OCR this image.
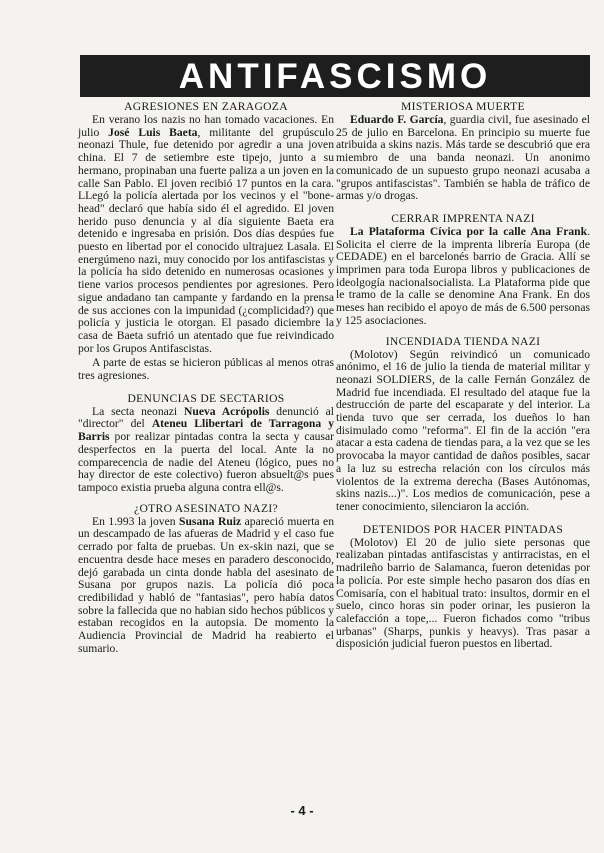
ANTIFASCISMO
AGRESIONES EN ZARAGOZA

En verano los nazis no han tomado vacaciones. En julio José Luis Baeta, militante del grupúsculo neonazi Thule, fue detenido por agredir a una joven china. El 7 de setiembre este tipejo, junto a su hermano, propinaban una fuerte paliza a un joven en la calle San Pablo. El joven recibió 17 puntos en la cara. LLegó la policía alertada por los vecinos y el "bone-head" declaró que había sido él el agredido. El joven herido puso denuncia y al día siguiente Baeta era detenido e ingresaba en prisión. Dos días despúes fue puesto en libertad por el conocido ultrajuez Lasala. El energúmeno nazi, muy conocido por los antifascistas y la policía ha sido detenido en numerosas ocasiones y tiene varios procesos pendientes por agresiones. Pero sigue andadano tan campante y fardando en la prensa de sus acciones con la impunidad (¿complicidad?) que policía y justicia le otorgan. El pasado diciembre la casa de Baeta sufrió un atentado que fue reivindicado por los Grupos Antifascistas.

A parte de estas se hicieron públicas al menos otras tres agresiones.

DENUNCIAS DE SECTARIOS

La secta neonazi Nueva Acrópolis denunció al "director" del Ateneu Llibertari de Tarragona y Barris por realizar pintadas contra la secta y causar desperfectos en la puerta del local. Ante la no comparecencia de nadie del Ateneu (lógico, pues no hay director de este colectivo) fueron absuelt@s pues tampoco existia prueba alguna contra ell@s.

¿OTRO ASESINATO NAZI?

En 1.993 la joven Susana Ruiz apareció muerta en un descampado de las afueras de Madrid y el caso fue cerrado por falta de pruebas. Un ex-skin nazi, que se encuentra desde hace meses en paradero desconocido, dejó garabada un cinta donde habla del asesinato de Susana por grupos nazis. La policía dió poca credibilidad y habló de "fantasias", pero había datos sobre la fallecida que no habian sido hechos públicos y estaban recogidos en la autopsia. De momento la Audiencia Provincial de Madrid ha reabierto el sumario.

MISTERIOSA MUERTE

Eduardo F. García, guardia civil, fue asesinado el 25 de julio en Barcelona. En principio su muerte fue atribuida a skins nazis. Más tarde se descubrió que era miembro de una banda neonazi. Un anonimo comunicado de un supuesto grupo neonazi acusaba a "grupos antifascistas". También se habla de tráfico de armas y/o drogas.

CERRAR IMPRENTA NAZI

La Plataforma Cívica por la calle Ana Frank. Solicita el cierre de la imprenta librería Europa (de CEDADE) en el barcelonés barrio de Gracia. Allí se imprimen para toda Europa libros y publicaciones de ideolgogía nacionalsocialista. La Plataforma pide que le tramo de la calle se denomine Ana Frank. En dos meses han recibido el apoyo de más de 6.500 personas y 125 asociaciones.

INCENDIADA TIENDA NAZI

(Molotov) Según reivindicó un comunicado anónimo, el 16 de julio la tienda de material militar y neonazi SOLDIERS, de la calle Fernán González de Madrid fue incendiada. El resultado del ataque fue la destrucción de parte del escaparate y del interior. La tienda tuvo que ser cerrada, los dueños lo han disimulado como "reforma". El fin de la acción "era atacar a esta cadena de tiendas para, a la vez que se les provocaba la mayor cantidad de daños posibles, sacar a la luz su estrecha relación con los círculos más violentos de la extrema derecha (Bases Autónomas, skins nazis...)". Los medios de comunicación, pese a tener conocimiento, silenciaron la acción.

DETENIDOS POR HACER PINTADAS

(Molotov) El 20 de julio siete personas que realizaban pintadas antifascistas y antirracistas, en el madrileño barrio de Salamanca, fueron detenidas por la policía. Por este simple hecho pasaron dos días en Comisaría, con el habitual trato: insultos, dormir en el suelo, cinco horas sin poder orinar, les pusieron la calefacción a tope,... Fueron fichados como "tribus urbanas" (Sharps, punkis y heavys). Tras pasar a disposición judicial fueron puestos en libertad.

- 4 -
